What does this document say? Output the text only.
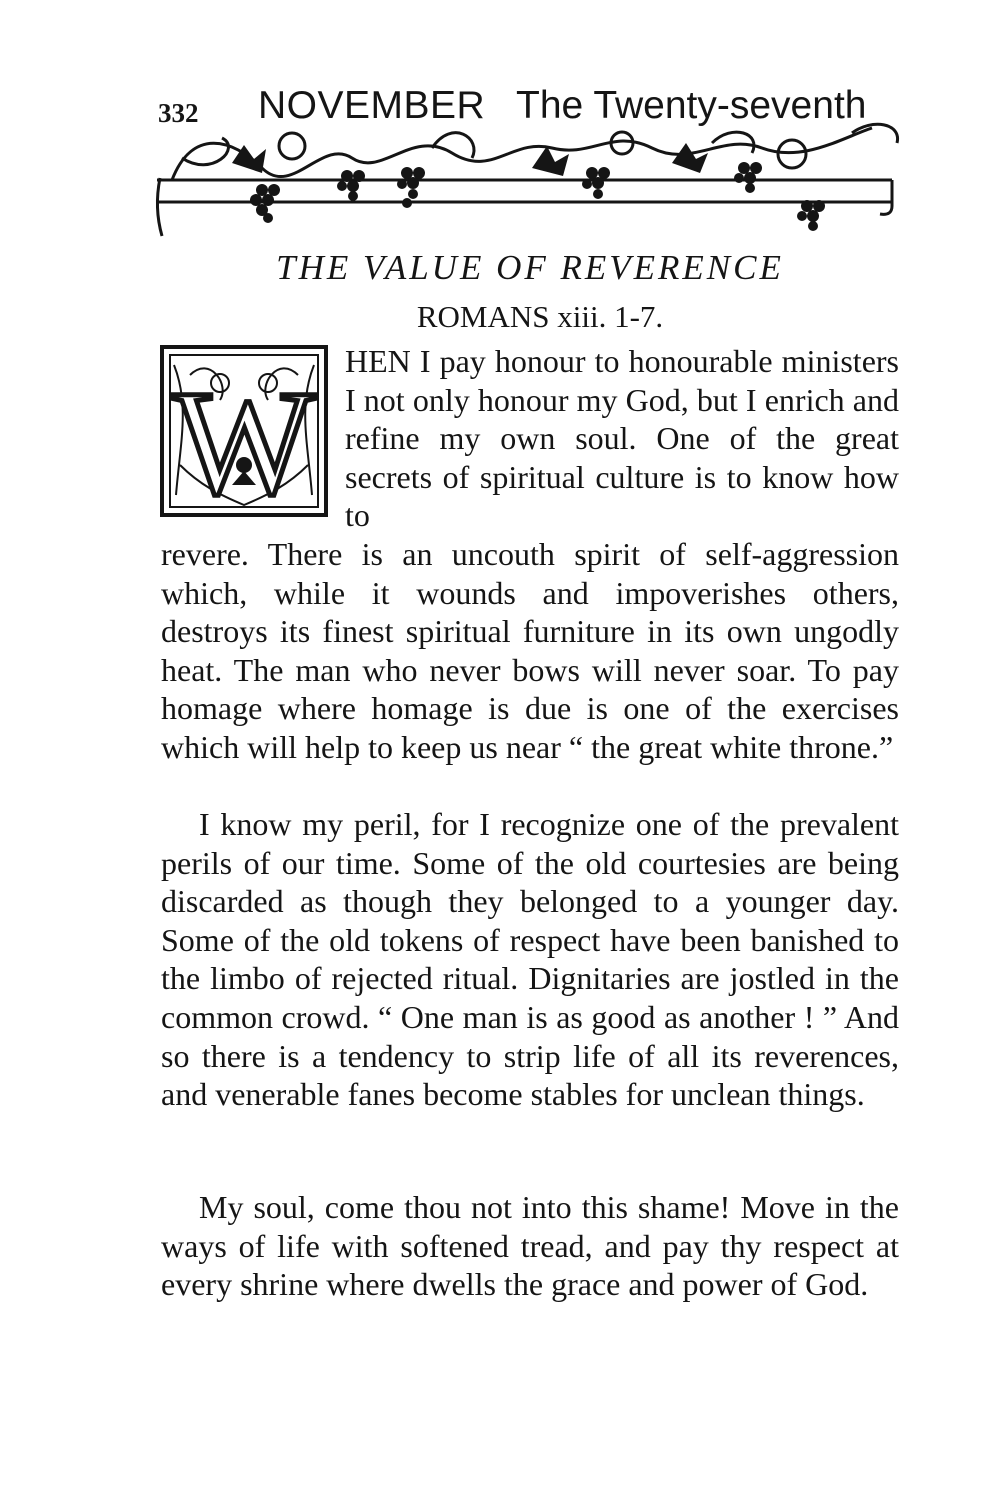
332 NOVEMBER The Twenty-seventh
THE VALUE OF REVERENCE
ROMANS xiii. 1-7.
W HEN I pay honour to honourable ministers I not only honour my God, but I enrich and refine my own soul. One of the great secrets of spiritual culture is to know how to
revere. There is an uncouth spirit of self-aggression which, while it wounds and impoverishes others, destroys its finest spiritual furniture in its own ungodly heat. The man who never bows will never soar. To pay homage where homage is due is one of the exercises which will help to keep us near “ the great white throne.”
I know my peril, for I recognize one of the prevalent perils of our time. Some of the old courtesies are being discarded as though they belonged to a younger day. Some of the old tokens of respect have been banished to the limbo of rejected ritual. Dignitaries are jostled in the common crowd. “ One man is as good as another ! ” And so there is a tendency to strip life of all its reverences, and venerable fanes become stables for unclean things.
My soul, come thou not into this shame! Move in the ways of life with softened tread, and pay thy respect at every shrine where dwells the grace and power of God.
